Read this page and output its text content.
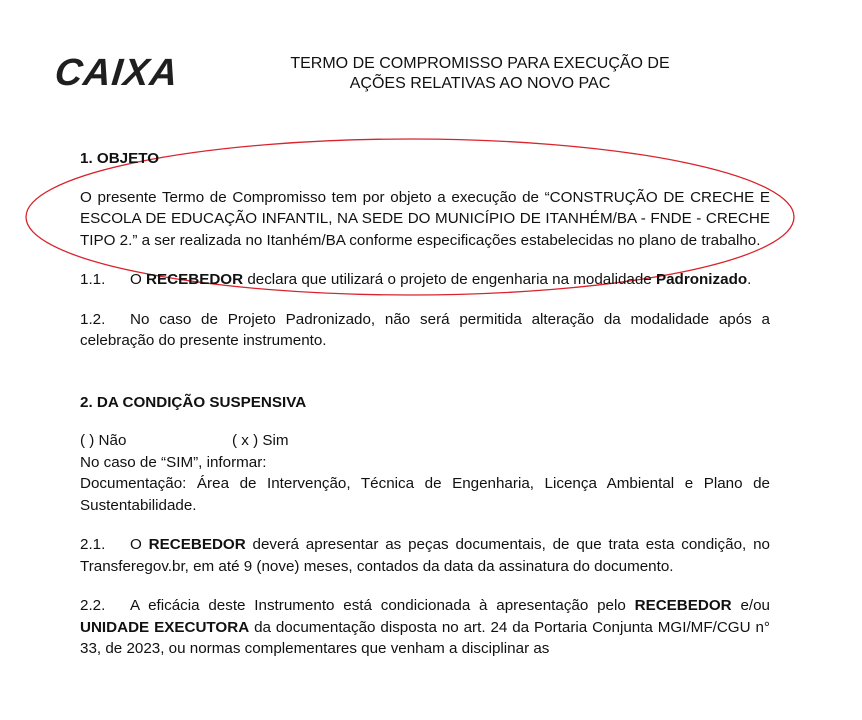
CAIXA	TERMO DE COMPROMISSO PARA EXECUÇÃO DE
AÇÕES RELATIVAS AO NOVO PAC

1. OBJETO

O presente Termo de Compromisso tem por objeto a execução de “CONSTRUÇÃO DE CRECHE E ESCOLA DE EDUCAÇÃO INFANTIL, NA SEDE DO MUNICÍPIO DE ITANHÉM/BA - FNDE - CRECHE TIPO 2.” a ser realizada no Itanhém/BA conforme especificações estabelecidas no plano de trabalho.

1.1. O RECEBEDOR declara que utilizará o projeto de engenharia na modalidade Padronizado.

1.2. No caso de Projeto Padronizado, não será permitida alteração da modalidade após a celebração do presente instrumento.

2. DA CONDIÇÃO SUSPENSIVA

( ) Não	( x ) Sim

No caso de “SIM”, informar:

Documentação: Área de Intervenção, Técnica de Engenharia, Licença Ambiental e Plano de Sustentabilidade.

2.1. O RECEBEDOR deverá apresentar as peças documentais, de que trata esta condição, no Transferegov.br, em até 9 (nove) meses, contados da data da assinatura do documento.

2.2. A eficácia deste Instrumento está condicionada à apresentação pelo RECEBEDOR e/ou UNIDADE EXECUTORA da documentação disposta no art. 24 da Portaria Conjunta MGI/MF/CGU n° 33, de 2023, ou normas complementares que venham a disciplinar as
